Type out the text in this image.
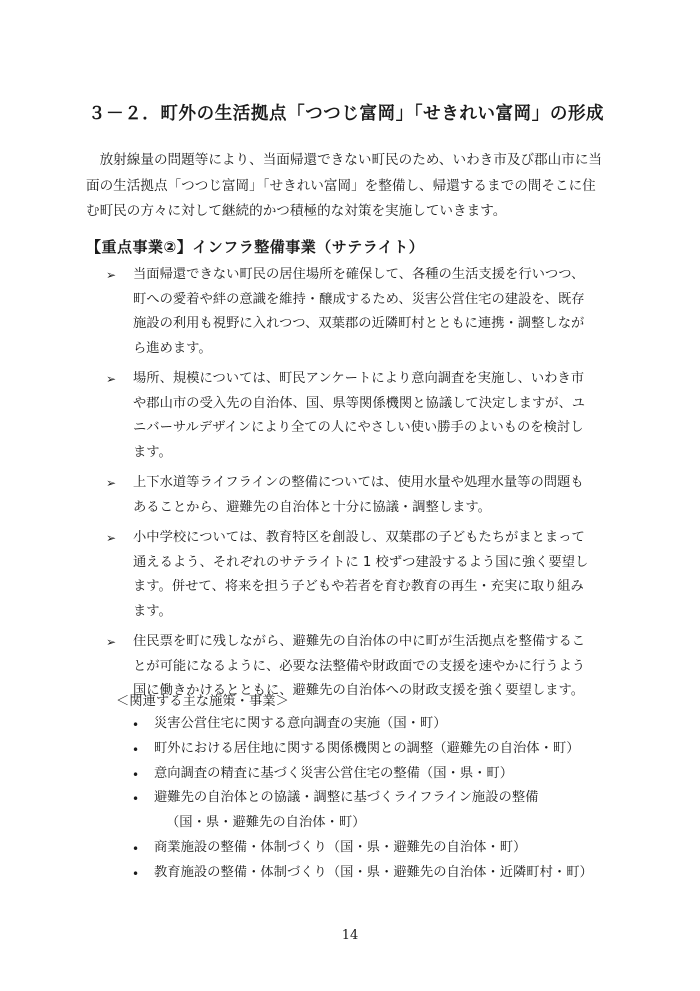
３－２．町外の生活拠点「つつじ富岡」「せきれい富岡」の形成

放射線量の問題等により、当面帰還できない町民のため、いわき市及び郡山市に当

面の生活拠点「つつじ富岡」「せきれい富岡」を整備し、帰還するまでの間そこに住

む町民の方々に対して継続的かつ積極的な対策を実施していきます。

【重点事業②】インフラ整備事業（サテライト）
➢ 当面帰還できない町民の居住場所を確保して、各種の生活支援を行いつつ、
町への愛着や絆の意識を維持・醸成するため、災害公営住宅の建設を、既存
施設の利用も視野に入れつつ、双葉郡の近隣町村とともに連携・調整しなが
ら進めます。
➢ 場所、規模については、町民アンケートにより意向調査を実施し、いわき市
や郡山市の受入先の自治体、国、県等関係機関と協議して決定しますが、ユ
ニバーサルデザインにより全ての人にやさしい使い勝手のよいものを検討し
ます。
➢ 上下水道等ライフラインの整備については、使用水量や処理水量等の問題も
あることから、避難先の自治体と十分に協議・調整します。
➢ 小中学校については、教育特区を創設し、双葉郡の子どもたちがまとまって
通えるよう、それぞれのサテライトに 1 校ずつ建設するよう国に強く要望し
ます。併せて、将来を担う子どもや若者を育む教育の再生・充実に取り組み
ます。
➢ 住民票を町に残しながら、避難先の自治体の中に町が生活拠点を整備するこ
とが可能になるように、必要な法整備や財政面での支援を速やかに行うよう
国に働きかけるとともに、避難先の自治体への財政支援を強く要望します。
＜関連する主な施策・事業＞
• 災害公営住宅に関する意向調査の実施（国・町）
• 町外における居住地に関する関係機関との調整（避難先の自治体・町）
• 意向調査の精査に基づく災害公営住宅の整備（国・県・町）
• 避難先の自治体との協議・調整に基づくライフライン施設の整備
（国・県・避難先の自治体・町）
• 商業施設の整備・体制づくり（国・県・避難先の自治体・町）
• 教育施設の整備・体制づくり（国・県・避難先の自治体・近隣町村・町）
14
